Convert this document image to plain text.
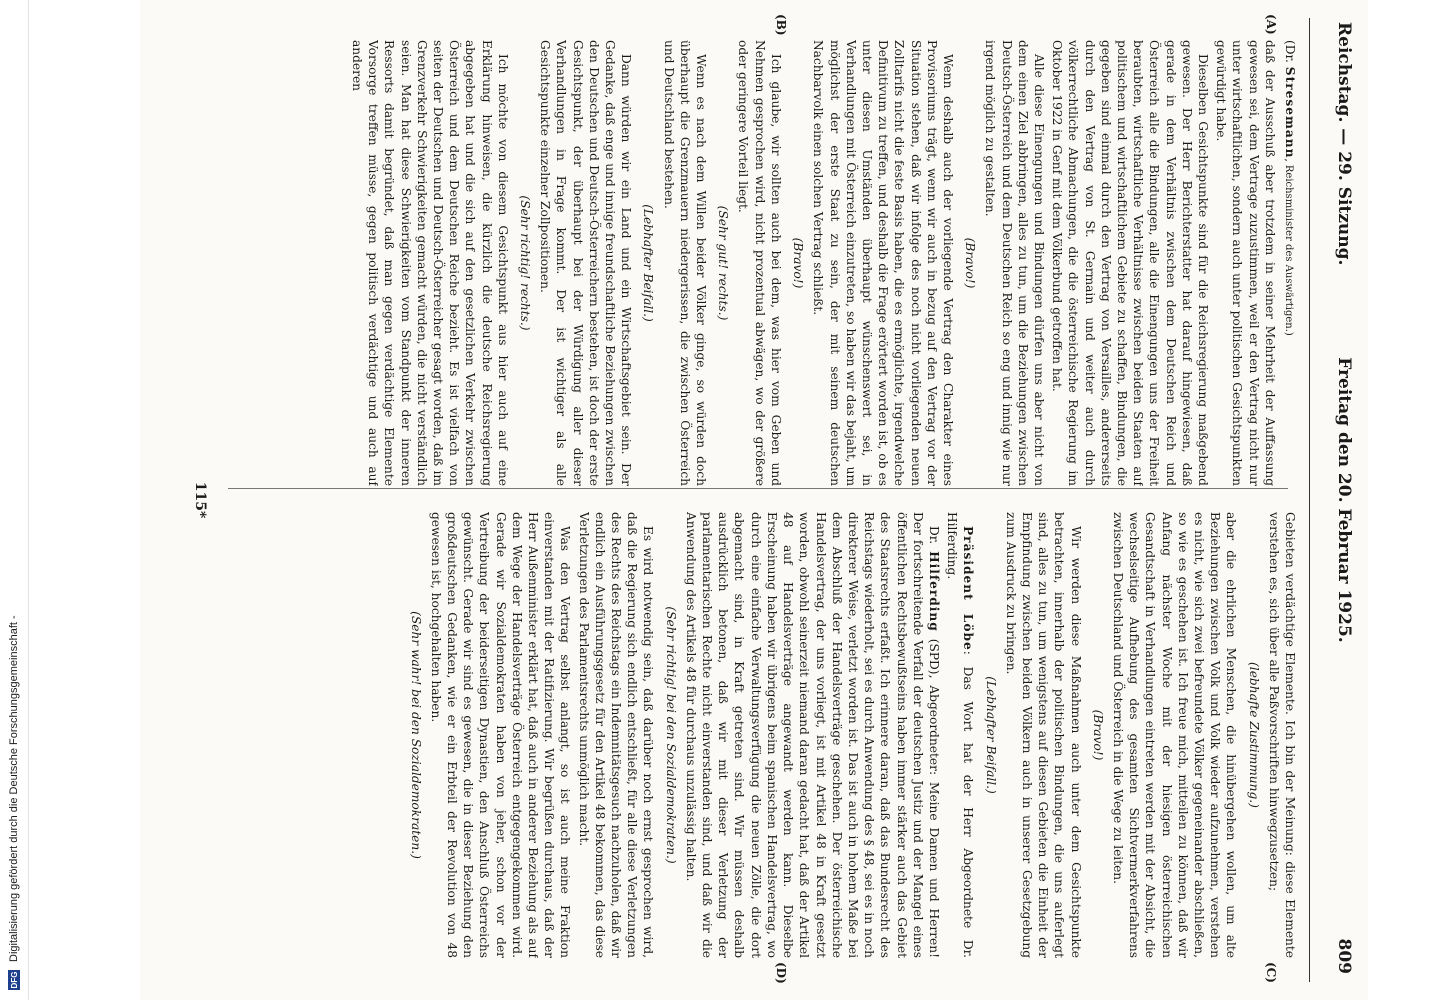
DFG
Digitalisierung gefördert durch die Deutsche Forschungsgemeinschaft -
Reichstag. — 29. Sitzung.
Freitag den 20. Februar 1925.
809
(A)
(B)
(C)
(D)

(Dr. Stresemann, Reichsminister des Auswärtigen.)

daß der Ausschuß aber trotzdem in seiner Mehrheit der Auffassung gewesen sei, dem Vertrage zuzustimmen, weil er den Vertrag nicht nur unter wirtschaftlichen, sondern auch unter politischen Gesichtspunkten gewürdigt habe.

Dieselben Gesichtspunkte sind für die Reichsregierung maßgebend gewesen. Der Herr Berichterstatter hat darauf hingewiesen, daß gerade in dem Verhältnis zwischen dem Deutschen Reich und Österreich alle die Bindungen, alle die Einengungen uns der Freiheit beraubten, wirtschaftliche Verhältnisse zwischen beiden Staaten auf politischem und wirtschaftlichem Gebiete zu schaffen, Bindungen, die gegeben sind einmal durch den Vertrag von Versailles, andererseits durch den Vertrag von St. Germain und weiter auch durch völkerrechtliche Abmachungen, die die österreichische Regierung im Oktober 1922 in Genf mit dem Völkerbund getroffen hat.

Alle diese Einengungen und Bindungen dürfen uns aber nicht von dem einen Ziel abbringen, alles zu tun, um die Beziehungen zwischen Deutsch-Österreich und dem Deutschen Reich so eng und innig wie nur irgend möglich zu gestalten.

(Bravo!)

Wenn deshalb auch der vorliegende Vertrag den Charakter eines Provisoriums trägt, wenn wir auch in bezug auf den Vertrag vor der Situation stehen, daß wir infolge des noch nicht vorliegenden neuen Zolltarifs nicht die feste Basis haben, die es ermöglichte, irgendwelche Definitivum zu treffen, und deshalb die Frage erörtert worden ist, ob es unter diesen Umständen überhaupt wünschenswert sei, in Verhandlungen mit Österreich einzutreten, so haben wir das bejaht, um möglichst der erste Staat zu sein, der mit seinem deutschen Nachbarvolk einen solchen Vertrag schließt.

(Bravo!)

Ich glaube, wir sollten auch bei dem, was hier vom Geben und Nehmen gesprochen wird, nicht prozentual abwägen, wo der größere oder geringere Vorteil liegt.

(Sehr gut! rechts.)

Wenn es nach dem Willen beider Völker ginge, so würden doch überhaupt die Grenzmauern niedergerissen, die zwischen Österreich und Deutschland bestehen.

(Lebhafter Beifall.)

Dann würden wir ein Land und ein Wirtschaftsgebiet sein. Der Gedanke, daß enge und innige freundschaftliche Beziehungen zwischen den Deutschen und Deutsch-Österreichern bestehen, ist doch der erste Gesichtspunkt, der überhaupt bei der Würdigung aller dieser Verhandlungen in Frage kommt. Der ist wichtiger als alle Gesichtspunkte einzelner Zollpositionen.

(Sehr richtig! rechts.)

Ich möchte von diesem Gesichtspunkt aus hier auch auf eine Erklärung hinweisen, die kürzlich die deutsche Reichsregierung abgegeben hat und die sich auf den gesetzlichen Verkehr zwischen Österreich und dem Deutschen Reiche bezieht. Es ist vielfach von seiten der Deutschen und Deutsch-Österreicher gesagt worden, daß im Grenzverkehr Schwierigkeiten gemacht würden, die nicht verständlich seien. Man hat diese Schwierigkeiten vom Standpunkt der inneren Ressorts damit begründet, daß man gegen verdächtige Elemente Vorsorge treffen müsse, gegen politisch verdächtige und auch auf anderen

Gebieten verdächtige Elemente. Ich bin der Meinung: diese Elemente verstehen es, sich über alle Paßvorschriften hinwegzusetzen;

(lebhafte Zustimmung.)

aber die ehrlichen Menschen, die hinübergehen wollen, um alte Beziehungen zwischen Volk und Volk wieder aufzunehmen, verstehen es nicht, wie sich zwei befreundete Völker gegeneinander abschließen, so wie es geschehen ist. Ich freue mich, mitteilen zu können, daß wir Anfang nächster Woche mit der hiesigen österreichischen Gesandtschaft in Verhandlungen eintreten werden mit der Absicht, die wechselseitige Aufhebung des gesamten Sichtvermerkverfahrens zwischen Deutschland und Österreich in die Wege zu leiten.

(Bravo!)

Wir werden diese Maßnahmen auch unter dem Gesichtspunkte betrachten, innerhalb der politischen Bindungen, die uns auferlegt sind, alles zu tun, um wenigstens auf diesen Gebieten die Einheit der Empfindung zwischen beiden Völkern auch in unserer Gesetzgebung zum Ausdruck zu bringen.

(Lebhafter Beifall.)

Präsident Löbe: Das Wort hat der Herr Abgeordnete Dr. Hilferding.

Dr. Hilferding (SPD), Abgeordneter: Meine Damen und Herren! Der fortschreitende Verfall der deutschen Justiz und der Mangel eines öffentlichen Rechtsbewußtseins haben immer stärker auch das Gebiet des Staatsrechts erfaßt. Ich erinnere daran, daß das Bundesrecht des Reichstags wiederholt, sei es durch Anwendung des § 48, sei es in noch direkterer Weise, verletzt worden ist. Das ist auch in hohem Maße bei dem Abschluß der Handelsverträge geschehen. Der österreichische Handelsvertrag, der uns vorliegt, ist mit Artikel 48 in Kraft gesetzt worden, obwohl seinerzeit niemand daran gedacht hat, daß der Artikel 48 auf Handelsverträge angewandt werden kann. Dieselbe Erscheinung haben wir übrigens beim spanischen Handelsvertrag, wo durch eine einfache Verwaltungsverfügung die neuen Zölle, die dort abgemacht sind, in Kraft getreten sind. Wir müssen deshalb ausdrücklich betonen, daß wir mit dieser Verletzung der parlamentarischen Rechte nicht einverstanden sind, und daß wir die Anwendung des Artikels 48 für durchaus unzulässig halten.

(Sehr richtig! bei den Sozialdemokraten.)

Es wird notwendig sein, daß darüber noch ernst gesprochen wird, daß die Regierung sich endlich entschließt, für alle diese Verletzungen des Rechts des Reichstags ein Indemnitätsgesuch nachzuholen, daß wir endlich ein Ausführungsgesetz für den Artikel 48 bekommen, das diese Verletzungen des Parlamentsrechts unmöglich macht.

Was den Vertrag selbst anlangt, so ist auch meine Fraktion einverstanden mit der Ratifizierung. Wir begrüßen durchaus, daß der Herr Außenminister erklärt hat, daß auch in anderer Beziehung als auf dem Wege der Handelsverträge Österreich entgegengekommen wird. Gerade wir Sozialdemokraten haben von jeher, schon vor der Vertreibung der beiderseitigen Dynastien, den Anschluß Österreichs gewünscht. Gerade wir sind es gewesen, die in dieser Beziehung den großdeutschen Gedanken, wie er ein Erbteil der Revolution von 48 gewesen ist, hochgehalten haben.

(Sehr wahr! bei den Sozialdemokraten.)
115*
